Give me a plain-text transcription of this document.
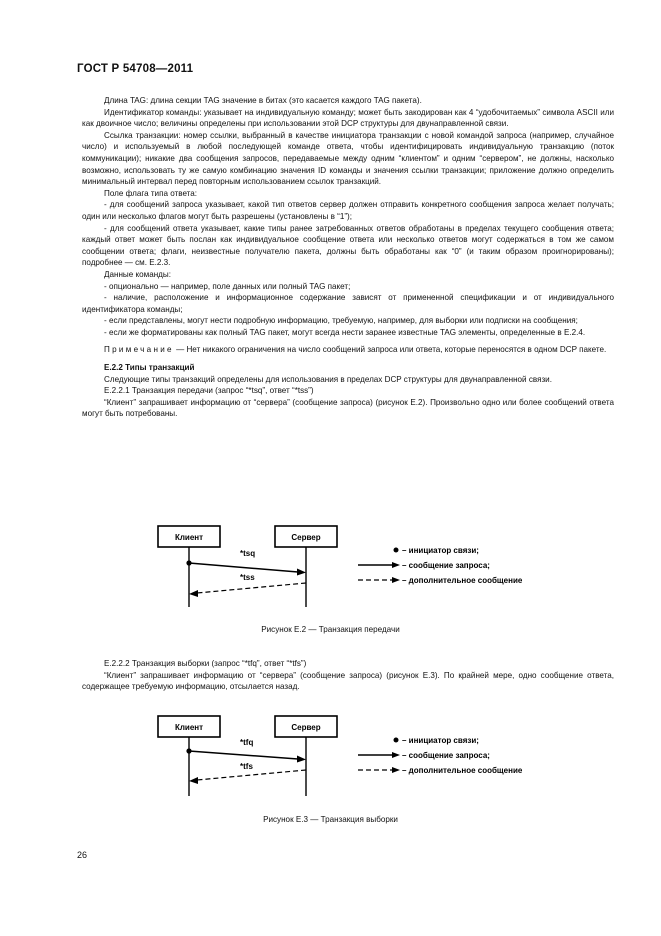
ГОСТ Р 54708—2011

Длина TAG: длина секции TAG значение в битах (это касается каждого TAG пакета).

Идентификатор команды: указывает на индивидуальную команду; может быть закодирован как 4 “удобочитаемых” символа ASCII или как двоичное число; величины определены при использовании этой DCP структуры для двунаправленной связи.

Ссылка транзакции: номер ссылки, выбранный в качестве инициатора транзакции с новой командой запроса (например, случайное число) и используемый в любой последующей команде ответа, чтобы идентифицировать индивидуальную транзакцию (поток коммуникации); никакие два сообщения запросов, передаваемые между одним “клиентом” и одним “сервером”, не должны, насколько возможно, использовать ту же самую комбинацию значения ID команды и значения ссылки транзакции; приложение должно определить минимальный интервал перед повторным использованием ссылок транзакций.

Поле флага типа ответа:

- для сообщений запроса указывает, какой тип ответов сервер должен отправить конкретного сообщения запроса желает получать; один или несколько флагов могут быть разрешены (установлены в “1”);

- для сообщений ответа указывает, какие типы ранее затребованных ответов обработаны в пределах текущего сообщения ответа; каждый ответ может быть послан как индивидуальное сообщение ответа или несколько ответов могут содержаться в том же самом сообщении ответа; флаги, неизвестные получателю пакета, должны быть обработаны как “0” (и таким образом проигнорированы); подробнее — см. Е.2.3.

Данные команды:

- опционально — например, поле данных или полный TAG пакет;

- наличие, расположение и информационное содержание зависят от примененной спецификации и от индивидуального идентификатора команды;

- если представлены, могут нести подробную информацию, требуемую, например, для выборки или подписки на сообщения;

- если же форматированы как полный TAG пакет, могут всегда нести заранее известные TAG элементы, определенные в Е.2.4.

Примечание — Нет никакого ограничения на число сообщений запроса или ответа, которые переносятся в одном DCP пакете.

Е.2.2 Типы транзакций

Следующие типы транзакций определены для использования в пределах DCP структуры для двунаправленной связи.

Е.2.2.1 Транзакция передачи (запрос “*tsq”, ответ “*tss”)

“Клиент” запрашивает информацию от “сервера” (сообщение запроса) (рисунок Е.2). Произвольно одно или более сообщений ответа могут быть потребованы.

Клиент	Сервер
*tsq
*tss
– инициатор связи;
– сообщение запроса;
– дополнительное сообщение
Рисунок Е.2 — Транзакция передачи

Е.2.2.2 Транзакция выборки (запрос “*tfq”, ответ “*tfs”)

“Клиент” запрашивает информацию от “сервера” (сообщение запроса) (рисунок Е.3). По крайней мере, одно сообщение ответа, содержащее требуемую информацию, отсылается назад.

Клиент	Сервер
*tfq
*tfs
– инициатор связи;
– сообщение запроса;
– дополнительное сообщение
Рисунок Е.3 — Транзакция выборки
26
